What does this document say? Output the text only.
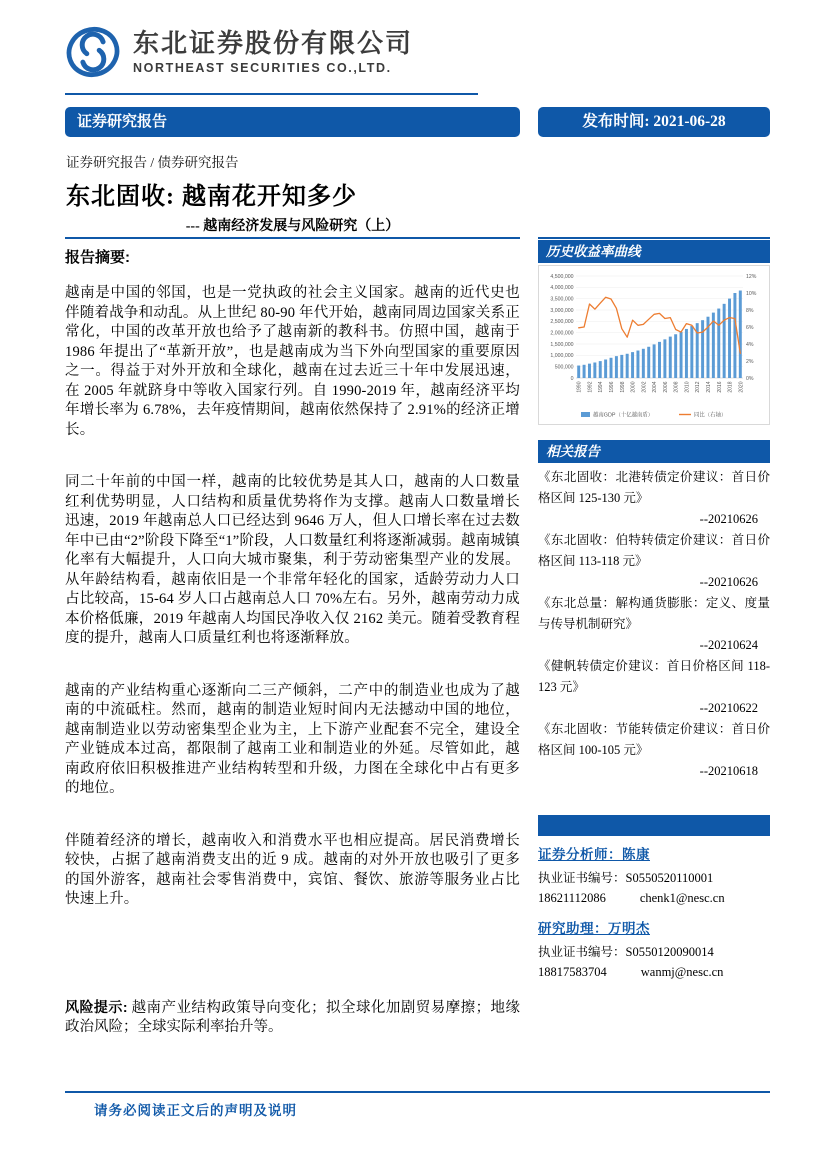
东北证券股份有限公司
NORTHEAST SECURITIES CO.,LTD.
证券研究报告	发布时间: 2021-06-28
证券研究报告 / 债券研究报告
东北固收: 越南花开知多少
--- 越南经济发展与风险研究（上）
报告摘要:

越南是中国的邻国，也是一党执政的社会主义国家。越南的近代史也伴随着战争和动乱。从上世纪 80-90 年代开始，越南同周边国家关系正常化，中国的改革开放也给予了越南新的教科书。仿照中国，越南于 1986 年提出了“革新开放”，也是越南成为当下外向型国家的重要原因之一。得益于对外开放和全球化，越南在过去近三十年中发展迅速，在 2005 年就跻身中等收入国家行列。自 1990-2019 年，越南经济平均年增长率为 6.78%，去年疫情期间，越南依然保持了 2.91%的经济正增长。

同二十年前的中国一样，越南的比较优势是其人口，越南的人口数量红利优势明显，人口结构和质量优势将作为支撑。越南人口数量增长迅速，2019 年越南总人口已经达到 9646 万人，但人口增长率在过去数年中已由“2”阶段下降至“1”阶段，人口数量红利将逐渐减弱。越南城镇化率有大幅提升，人口向大城市聚集，利于劳动密集型产业的发展。从年龄结构看，越南依旧是一个非常年轻化的国家，适龄劳动力人口占比较高，15-64 岁人口占越南总人口 70%左右。另外，越南劳动力成本价格低廉，2019 年越南人均国民净收入仅 2162 美元。随着受教育程度的提升，越南人口质量红利也将逐渐释放。

越南的产业结构重心逐渐向二三产倾斜，二产中的制造业也成为了越南的中流砥柱。然而，越南的制造业短时间内无法撼动中国的地位，越南制造业以劳动密集型企业为主，上下游产业配套不完全，建设全产业链成本过高，都限制了越南工业和制造业的外延。尽管如此，越南政府依旧积极推进产业结构转型和升级，力图在全球化中占有更多的地位。

伴随着经济的增长，越南收入和消费水平也相应提高。居民消费增长较快，占据了越南消费支出的近 9 成。越南的对外开放也吸引了更多的国外游客，越南社会零售消费中，宾馆、餐饮、旅游等服务业占比快速上升。

风险提示: 越南产业结构政策导向变化；拟全球化加剧贸易摩擦；地缘政治风险；全球实际利率抬升等。
历史收益率曲线
0
500,000
1,000,000
1,500,000
2,000,000
2,500,000
3,000,000
3,500,000
4,000,000
4,500,000
0%
2%
4%
6%
8%
10%
12%
1990 1992 1994 1996 1998 2000 2002 2004 2006 2008 2010 2012 2014 2016 2018 2020
越南GDP（十亿越南盾）	同比（右轴）
相关报告
《东北固收：北港转债定价建议：首日价格区间 125-130 元》
--20210626
《东北固收：伯特转债定价建议：首日价格区间 113-118 元》
--20210626
《东北总量：解构通货膨胀：定义、度量与传导机制研究》
--20210624
《健帆转债定价建议：首日价格区间 118-123 元》
--20210622
《东北固收：节能转债定价建议：首日价格区间 100-105 元》
--20210618
证券分析师：陈康
执业证书编号：S0550520110001
18621112086	chenk1@nesc.cn
研究助理：万明杰
执业证书编号：S0550120090014
18817583704	wanmj@nesc.cn
请务必阅读正文后的声明及说明
